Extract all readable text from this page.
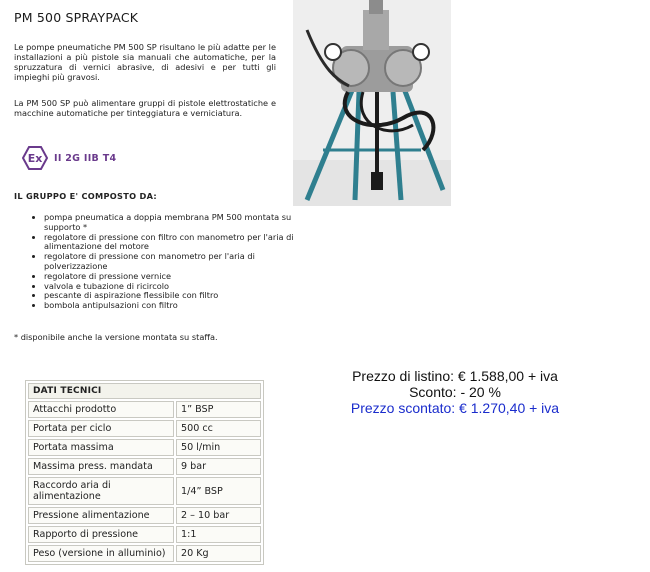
PM 500 SPRAYPACK
Le pompe pneumatiche PM 500 SP risultano le più adatte per le installazioni a più pistole sia manuali che automatiche, per la spruzzatura di vernici abrasive, di adesivi e per tutti gli impieghi più gravosi.
La PM 500 SP può alimentare gruppi di pistole elettrostatiche e macchine automatiche per tinteggiatura e verniciatura.
Ex II 2G IIB T4
IL GRUPPO E' COMPOSTO DA:
• pompa pneumatica a doppia membrana PM 500 montata su supporto *
• regolatore di pressione con filtro con manometro per l'aria di alimentazione del motore
• regolatore di pressione con manometro per l'aria di polverizzazione
• regolatore di pressione vernice
• valvola e tubazione di ricircolo
• pescante di aspirazione flessibile con filtro
• bombola antipulsazioni con filtro
* disponibile anche la versione montata su staffa.
Prezzo di listino: € 1.588,00 + iva
Sconto: - 20 %
Prezzo scontato: € 1.270,40 + iva
DATI TECNICI	
Attacchi prodotto	1” BSP
Portata per ciclo	500 cc
Portata massima	50 l/min
Massima press. mandata	9 bar
Raccordo aria di alimentazione	1/4” BSP
Pressione alimentazione	2 – 10 bar
Rapporto di pressione	1:1
Peso (versione in alluminio)	20 Kg
